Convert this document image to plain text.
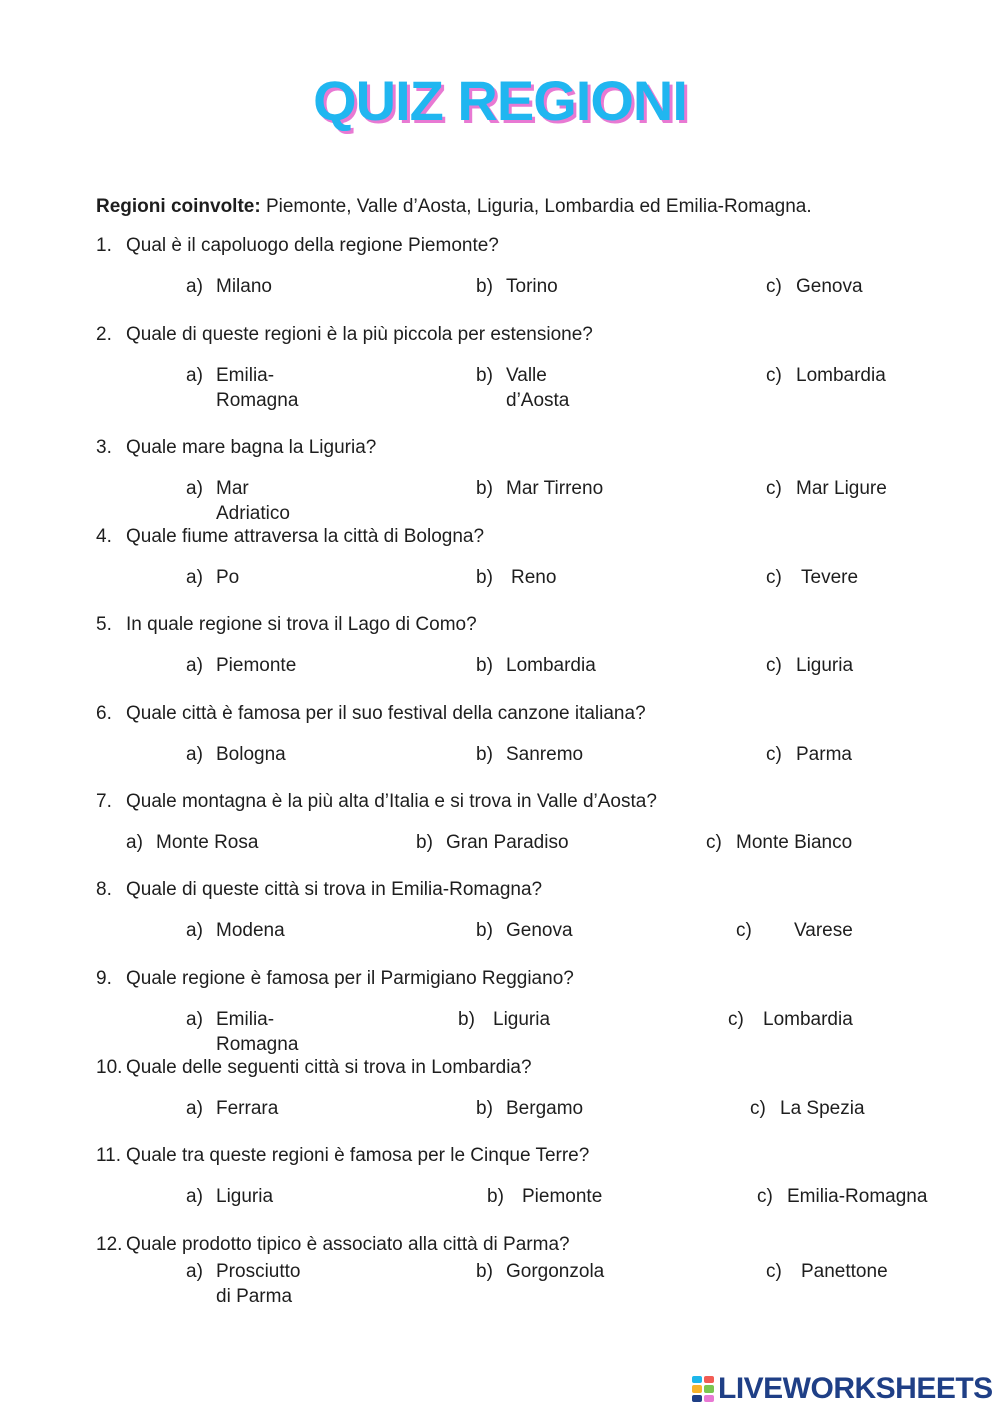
QUIZ REGIONI
Regioni coinvolte: Piemonte, Valle d’Aosta, Liguria, Lombardia ed Emilia-Romagna.
1. Qual è il capoluogo della regione Piemonte?
a) Milano	b) Torino	c) Genova
2. Quale di queste regioni è la più piccola per estensione?
a) Emilia-
Romagna
b) Valle
d’Aosta
c) Lombardia
3. Quale mare bagna la Liguria?
a) Mar
Adriatico
b) Mar Tirreno	c) Mar Ligure
4. Quale fiume attraversa la città di Bologna?
a) Po	b) Reno	c) Tevere
5. In quale regione si trova il Lago di Como?
a) Piemonte	b) Lombardia	c) Liguria
6. Quale città è famosa per il suo festival della canzone italiana?
a) Bologna	b) Sanremo	c) Parma
7. Quale montagna è la più alta d’Italia e si trova in Valle d’Aosta?
a) Monte Rosa	b) Gran Paradiso	c) Monte Bianco
8. Quale di queste città si trova in Emilia-Romagna?
a) Modena	b) Genova	c) Varese
9. Quale regione è famosa per il Parmigiano Reggiano?
a) Emilia-
Romagna
b) Liguria	c) Lombardia
10. Quale delle seguenti città si trova in Lombardia?
a) Ferrara	b) Bergamo	c) La Spezia
11. Quale tra queste regioni è famosa per le Cinque Terre?
a) Liguria	b) Piemonte	c) Emilia-Romagna
12. Quale prodotto tipico è associato alla città di Parma?
a) Prosciutto
di Parma
b) Gorgonzola	c) Panettone
LIVEWORKSHEETS
